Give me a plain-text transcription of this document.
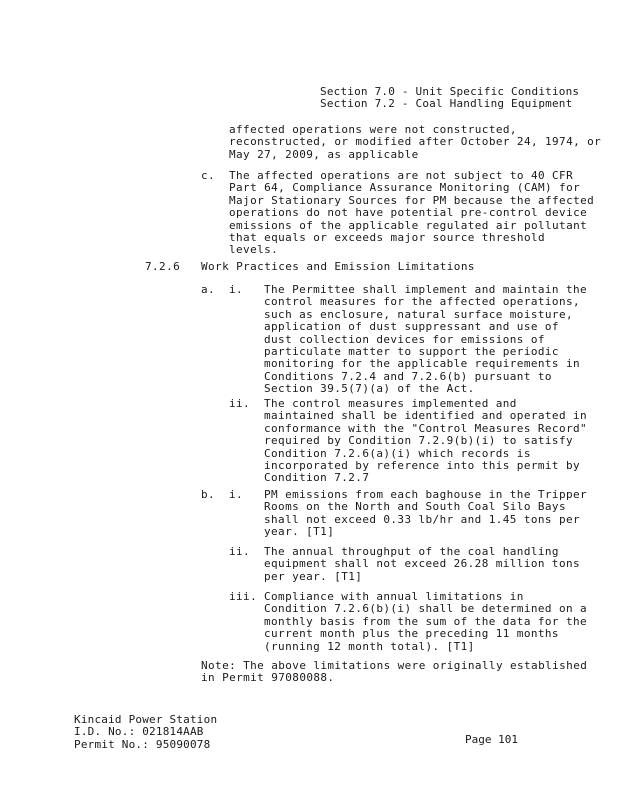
Section 7.0 - Unit Specific Conditions
Section 7.2 - Coal Handling Equipment
affected operations were not constructed,
reconstructed, or modified after October 24, 1974, or
May 27, 2009, as applicable
c. The affected operations are not subject to 40 CFR
Part 64, Compliance Assurance Monitoring (CAM) for
Major Stationary Sources for PM because the affected
operations do not have potential pre-control device
emissions of the applicable regulated air pollutant
that equals or exceeds major source threshold
levels.
7.2.6 Work Practices and Emission Limitations
a. i. The Permittee shall implement and maintain the
control measures for the affected operations,
such as enclosure, natural surface moisture,
application of dust suppressant and use of
dust collection devices for emissions of
particulate matter to support the periodic
monitoring for the applicable requirements in
Conditions 7.2.4 and 7.2.6(b) pursuant to
Section 39.5(7)(a) of the Act.
ii. The control measures implemented and
maintained shall be identified and operated in
conformance with the "Control Measures Record"
required by Condition 7.2.9(b)(i) to satisfy
Condition 7.2.6(a)(i) which records is
incorporated by reference into this permit by
Condition 7.2.7
b. i. PM emissions from each baghouse in the Tripper
Rooms on the North and South Coal Silo Bays
shall not exceed 0.33 lb/hr and 1.45 tons per
year. [T1]
ii. The annual throughput of the coal handling
equipment shall not exceed 26.28 million tons
per year. [T1]
iii. Compliance with annual limitations in
Condition 7.2.6(b)(i) shall be determined on a
monthly basis from the sum of the data for the
current month plus the preceding 11 months
(running 12 month total). [T1]
Note: The above limitations were originally established
in Permit 97080088.
Kincaid Power Station
I.D. No.: 021814AAB
Permit No.: 95090078	Page 101
